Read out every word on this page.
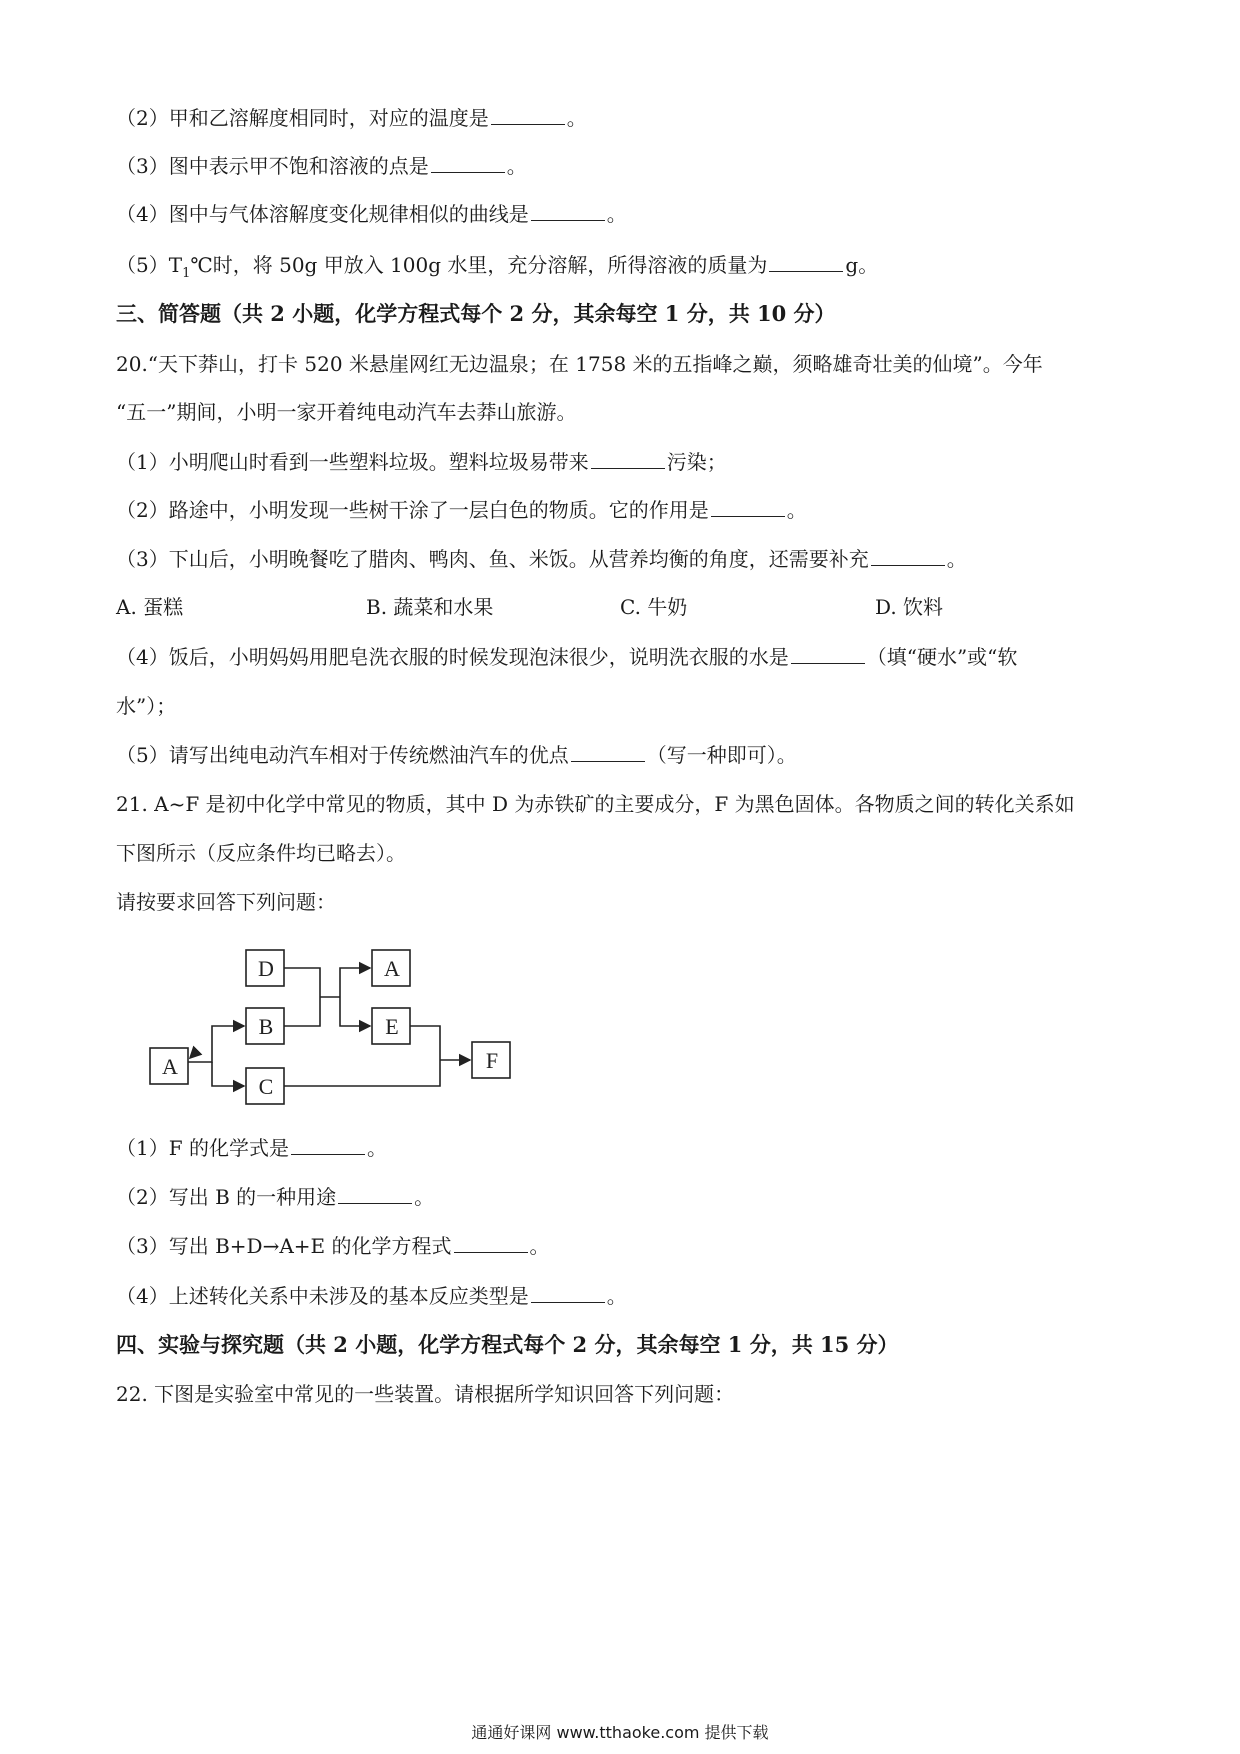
（2）甲和乙溶解度相同时，对应的温度是	。
（3）图中表示甲不饱和溶液的点是	。
（4）图中与气体溶解度变化规律相似的曲线是	。
$(5)T_1℃$时，将 50g 甲放入 100g 水里，充分溶解，所得溶液的质量为	g。
三、简答题（共 2 小题，化学方程式每个 2 分，其余每空 1 分，共 10 分）
20.“天下莽山，打卡 520 米悬崖网红无边温泉；在 1758 米的五指峰之巅，须略雄奇壮美的仙境”。今年
“五一”期间，小明一家开着纯电动汽车去莽山旅游。
（1）小明爬山时看到一些塑料垃圾。塑料垃圾易带来	污染；
（2）路途中，小明发现一些树干涂了一层白色的物质。它的作用是	。
（3）下山后，小明晚餐吃了腊肉、鸭肉、鱼、米饭。从营养均衡的角度，还需要补充	。
A. 蛋糕	B. 蔬菜和水果	C. 牛奶	D. 饮料
（4）饭后，小明妈妈用肥皂洗衣服的时候发现泡沫很少，说明洗衣服的水是	（填“硬水”或“软
水”）；
（5）请写出纯电动汽车相对于传统燃油汽车的优点	（写一种即可）。
21. A~F 是初中化学中常见的物质，其中 D 为赤铁矿的主要成分，F 为黑色固体。各物质之间的转化关系如
下图所示（反应条件均已略去）。
请按要求回答下列问题：
D
B
A
C
A
E
F
（1）F 的化学式是	。
（2）写出 B 的一种用途	。
（3）写出 B+D→A+E 的化学方程式	。
（4）上述转化关系中未涉及的基本反应类型是	。
四、实验与探究题（共 2 小题，化学方程式每个 2 分，其余每空 1 分，共 15 分）
22. 下图是实验室中常见的一些装置。请根据所学知识回答下列问题：
通通好课网 www.tthaoke.com 提供下载
